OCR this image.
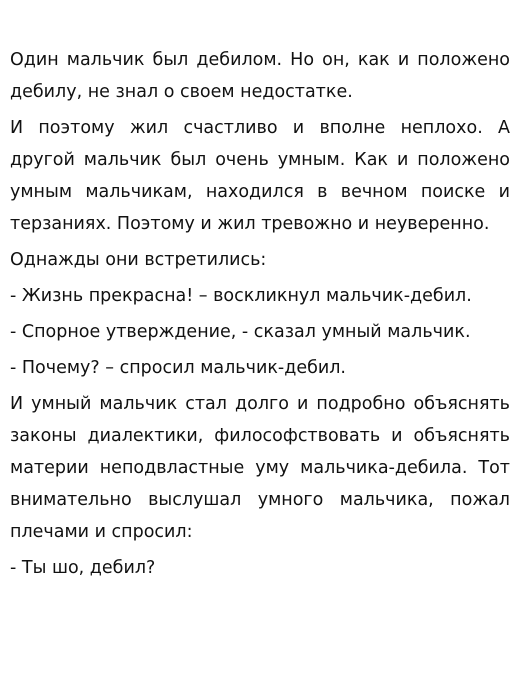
Один мальчик был дебилом. Но он, как и положено дебилу, не знал о своем недостатке.

И поэтому жил счастливо и вполне неплохо. А другой мальчик был очень умным. Как и положено умным мальчикам, находился в вечном поиске и терзаниях. Поэтому и жил тревожно и неуверенно.

Однажды они встретились:

- Жизнь прекрасна! – воскликнул мальчик-дебил.

- Спорное утверждение, - сказал умный мальчик.

- Почему? – спросил мальчик-дебил.

И умный мальчик стал долго и подробно объяснять законы диалектики, философствовать и объяснять материи неподвластные уму мальчика-дебила. Тот внимательно выслушал умного мальчика, пожал плечами и спросил:

- Ты шо, дебил?
